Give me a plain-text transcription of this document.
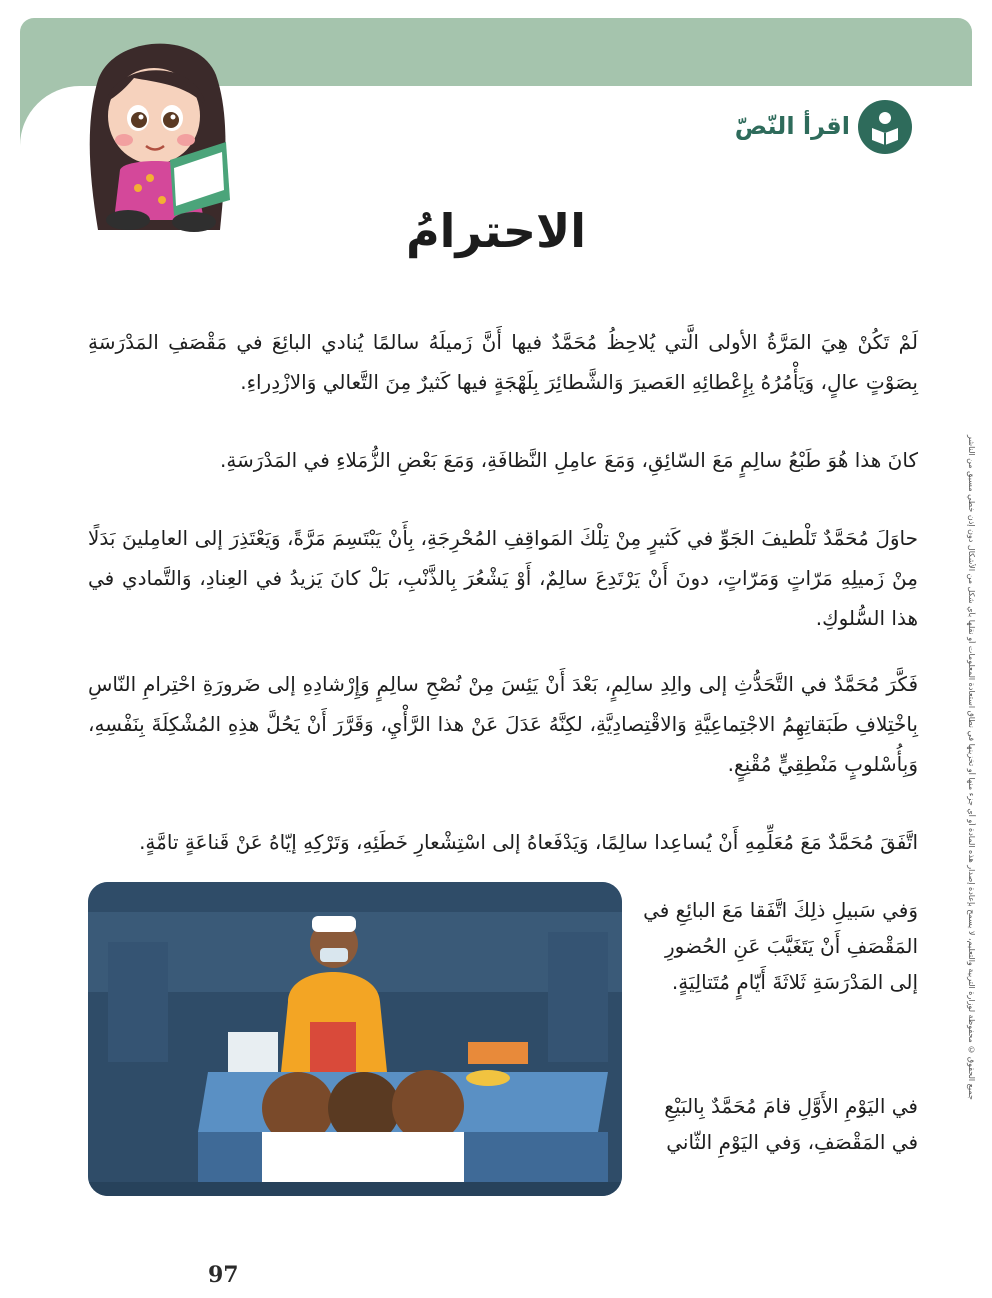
اقرأ النّصّ
الاحترامُ

لَمْ تَكُنْ هِيَ المَرَّةُ الأولى الَّتي يُلاحِظُ مُحَمَّدٌ فيها أَنَّ زَميلَهُ سالمًا يُنادي البائِعَ في مَقْصَفِ المَدْرَسَةِ بِصَوْتٍ عالٍ، وَيَأْمُرُهُ بِإِعْطائِهِ العَصيرَ وَالشَّطائِرَ بِلَهْجَةٍ فيها كَثيرٌ مِنَ التَّعالي وَالازْدِراءِ.

كانَ هذا هُوَ طَبْعُ سالِمٍ مَعَ السّائِقِ، وَمَعَ عامِلِ النَّظافَةِ، وَمَعَ بَعْضِ الزُّمَلاءِ في المَدْرَسَةِ.

حاوَلَ مُحَمَّدٌ تَلْطيفَ الجَوِّ في كَثيرٍ مِنْ تِلْكَ المَواقِفِ المُحْرِجَةِ، بِأَنْ يَبْتَسِمَ مَرَّةً، وَيَعْتَذِرَ إلى العامِلينَ بَدَلًا مِنْ زَميلِهِ مَرّاتٍ وَمَرّاتٍ، دونَ أَنْ يَرْتَدِعَ سالِمٌ، أَوْ يَشْعُرَ بِالذَّنْبِ، بَلْ كانَ يَزيدُ في العِنادِ، وَالتَّمادي في هذا السُّلوكِ.

فَكَّرَ مُحَمَّدٌ في التَّحَدُّثِ إلى والِدِ سالِمٍ، بَعْدَ أَنْ يَئِسَ مِنْ نُصْحِ سالِمٍ وَإِرْشادِهِ إلى ضَرورَةِ احْتِرامِ النّاسِ بِاخْتِلافِ طَبَقاتِهِمُ الاجْتِماعِيَّةِ وَالاقْتِصادِيَّةِ، لكِنَّهُ عَدَلَ عَنْ هذا الرَّأْيِ، وَقَرَّرَ أَنْ يَحُلَّ هذِهِ المُشْكِلَةَ بِنَفْسِهِ، وَبِأُسْلوبٍ مَنْطِقِيٍّ مُقْنِعٍ.

اتَّفَقَ مُحَمَّدٌ مَعَ مُعَلِّمِهِ أَنْ يُساعِدا سالِمًا، وَيَدْفَعاهُ إلى اسْتِشْعارِ خَطَئِهِ، وَتَرْكِهِ إيّاهُ عَنْ قَناعَةٍ تامَّةٍ.

وَفي سَبيلِ ذلِكَ اتَّفَقا مَعَ البائِعِ في المَقْصَفِ أَنْ يَتَغَيَّبَ عَنِ الحُضورِ إلى المَدْرَسَةِ ثَلاثَةَ أَيّامٍ مُتَتالِيَةٍ.

في اليَوْمِ الأَوَّلِ قامَ مُحَمَّدٌ بِالبَيْعِ في المَقْصَفِ، وَفي اليَوْمِ الثّاني

جميع الحقوق © محفوظة لوزارة التربية والتعليم، لا يسمح بإعادة إصدار هذه المادة أو أي جزء منها أو تخزينها في نطاق استعادة المعلومات أو نقلها بأي شكل من الأشكال دون إذن خطي مسبق من الناشر
97
